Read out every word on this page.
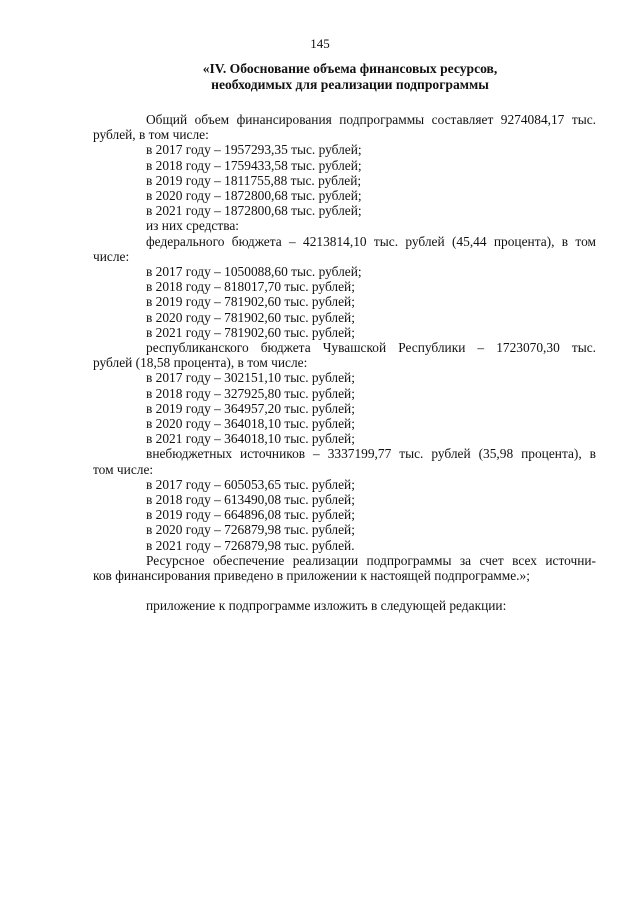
145
«IV. Обоснование объема финансовых ресурсов,
необходимых для реализации подпрограммы
Общий объем финансирования подпрограммы составляет 9274084,17 тыс.
рублей, в том числе:
в 2017 году – 1957293,35 тыс. рублей;
в 2018 году – 1759433,58 тыс. рублей;
в 2019 году – 1811755,88 тыс. рублей;
в 2020 году – 1872800,68 тыс. рублей;
в 2021 году – 1872800,68 тыс. рублей;
из них средства:
федерального бюджета – 4213814,10 тыс. рублей (45,44 процента), в том
числе:
в 2017 году – 1050088,60 тыс. рублей;
в 2018 году – 818017,70 тыс. рублей;
в 2019 году – 781902,60 тыс. рублей;
в 2020 году – 781902,60 тыс. рублей;
в 2021 году – 781902,60 тыс. рублей;
республиканского бюджета Чувашской Республики – 1723070,30 тыс.
рублей (18,58 процента), в том числе:
в 2017 году – 302151,10 тыс. рублей;
в 2018 году – 327925,80 тыс. рублей;
в 2019 году – 364957,20 тыс. рублей;
в 2020 году – 364018,10 тыс. рублей;
в 2021 году – 364018,10 тыс. рублей;
внебюджетных источников – 3337199,77 тыс. рублей (35,98 процента), в
том числе:
в 2017 году – 605053,65 тыс. рублей;
в 2018 году – 613490,08 тыс. рублей;
в 2019 году – 664896,08 тыс. рублей;
в 2020 году – 726879,98 тыс. рублей;
в 2021 году – 726879,98 тыс. рублей.
Ресурсное обеспечение реализации подпрограммы за счет всех источни-
ков финансирования приведено в приложении к настоящей подпрограмме.»;
приложение к подпрограмме изложить в следующей редакции:
